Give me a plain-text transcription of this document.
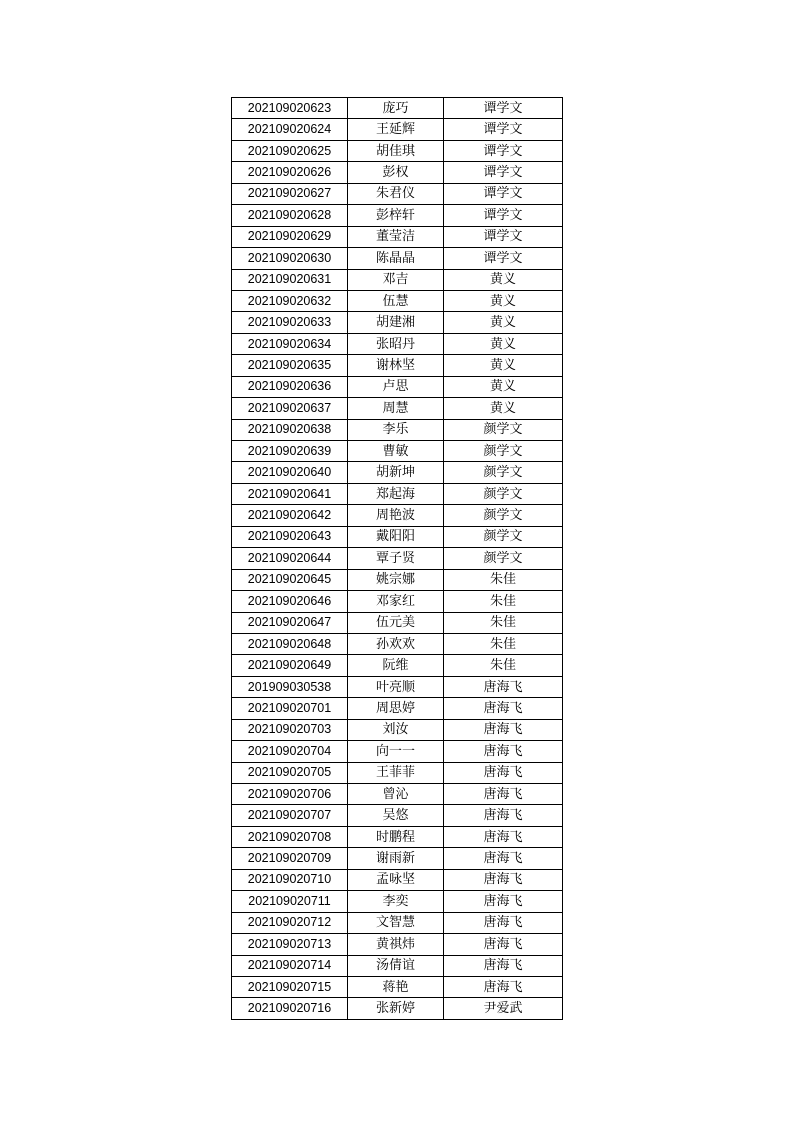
202109020623	庞巧	谭学文
202109020624	王延辉	谭学文
202109020625	胡佳琪	谭学文
202109020626	彭权	谭学文
202109020627	朱君仪	谭学文
202109020628	彭梓轩	谭学文
202109020629	董莹洁	谭学文
202109020630	陈晶晶	谭学文
202109020631	邓吉	黄义
202109020632	伍慧	黄义
202109020633	胡建湘	黄义
202109020634	张昭丹	黄义
202109020635	谢林坚	黄义
202109020636	卢思	黄义
202109020637	周慧	黄义
202109020638	李乐	颜学文
202109020639	曹敏	颜学文
202109020640	胡新坤	颜学文
202109020641	郑起海	颜学文
202109020642	周艳波	颜学文
202109020643	戴阳阳	颜学文
202109020644	覃子贤	颜学文
202109020645	姚宗娜	朱佳
202109020646	邓家红	朱佳
202109020647	伍元美	朱佳
202109020648	孙欢欢	朱佳
202109020649	阮维	朱佳
201909030538	叶亮顺	唐海飞
202109020701	周思婷	唐海飞
202109020703	刘汝	唐海飞
202109020704	向一一	唐海飞
202109020705	王菲菲	唐海飞
202109020706	曾沁	唐海飞
202109020707	吴悠	唐海飞
202109020708	时鹏程	唐海飞
202109020709	谢雨新	唐海飞
202109020710	孟咏坚	唐海飞
202109020711	李奕	唐海飞
202109020712	文智慧	唐海飞
202109020713	黄祺炜	唐海飞
202109020714	汤倩谊	唐海飞
202109020715	蒋艳	唐海飞
202109020716	张新婷	尹爱武
